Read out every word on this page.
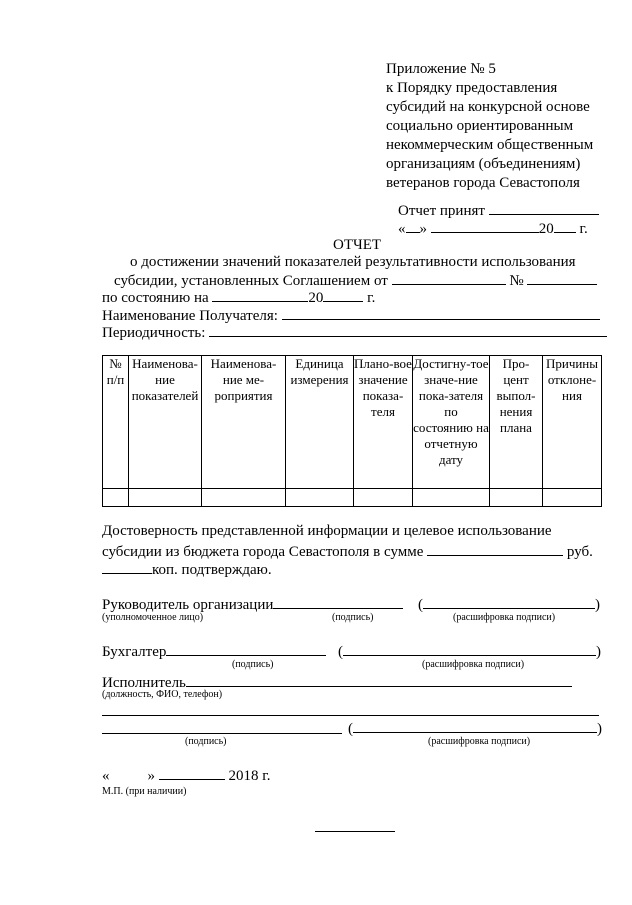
Приложение № 5
к Порядку предоставления
субсидий на конкурсной основе
социально ориентированным
некоммерческим общественным
организациям (объединениям)
ветеранов города Севастополя
Отчет принят
« »	20 г.
ОТЧЕТ
о достижении значений показателей результативности использования
субсидии, установленных Соглашением от	№
по состоянию на	20	г.
Наименование Получателя:
Периодичность:
№ п/п	Наименова-ние показателей	Наименова-ние ме-роприятия	Единица измерения	Плано-вое значение показа-теля	Достигну-тое значе-ние пока-зателя по состоянию на отчетную дату	Про-цент выпол-нения плана	Причины отклоне-ния

Достоверность представленной информации и целевое использование
субсидии из бюджета города Севастополя в сумме	руб.
коп. подтверждаю.
Руководитель организации	(	)
(уполномоченное лицо)	(подпись)	(расшифровка подписи)
Бухгалтер	(	)
(подпись)	(расшифровка подписи)
Исполнитель
(должность, ФИО, телефон)
(	)
(подпись)	(расшифровка подписи)
«	»	2018 г.
М.П. (при наличии)
